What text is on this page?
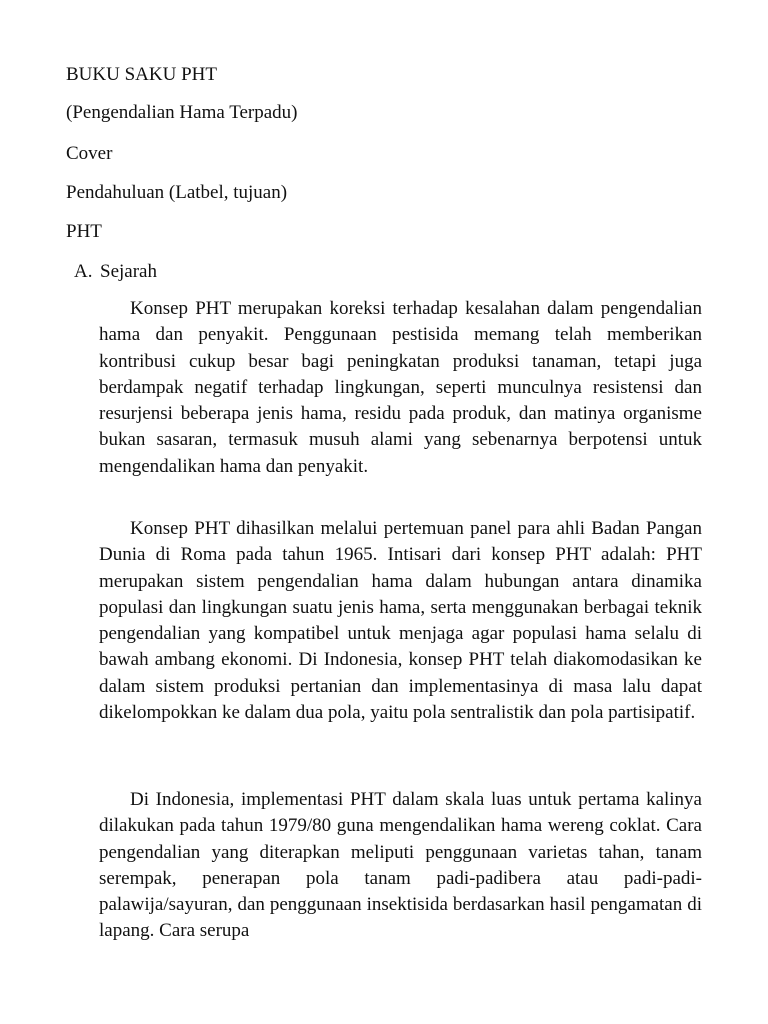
BUKU SAKU PHT
(Pengendalian Hama Terpadu)
Cover
Pendahuluan (Latbel, tujuan)
PHT
A. Sejarah

Konsep PHT merupakan koreksi terhadap kesalahan dalam pengendalian hama dan penyakit. Penggunaan pestisida memang telah memberikan kontribusi cukup besar bagi peningkatan produksi tanaman, tetapi juga berdampak negatif terhadap lingkungan, seperti munculnya resistensi dan resurjensi beberapa jenis hama, residu pada produk, dan matinya organisme bukan sasaran, termasuk musuh alami yang sebenarnya berpotensi untuk mengendalikan hama dan penyakit.

Konsep PHT dihasilkan melalui pertemuan panel para ahli Badan Pangan Dunia di Roma pada tahun 1965. Intisari dari konsep PHT adalah: PHT merupakan sistem pengendalian hama dalam hubungan antara dinamika populasi dan lingkungan suatu jenis hama, serta menggunakan berbagai teknik pengendalian yang kompatibel untuk menjaga agar populasi hama selalu di bawah ambang ekonomi. Di Indonesia, konsep PHT telah diakomodasikan ke dalam sistem produksi pertanian dan implementasinya di masa lalu dapat dikelompokkan ke dalam dua pola, yaitu pola sentralistik dan pola partisipatif.

Di Indonesia, implementasi PHT dalam skala luas untuk pertama kalinya dilakukan pada tahun 1979/80 guna mengendalikan hama wereng coklat. Cara pengendalian yang diterapkan meliputi penggunaan varietas tahan, tanam serempak, penerapan pola tanam padi-padibera atau padi-padi-palawija/sayuran, dan penggunaan insektisida berdasarkan hasil pengamatan di lapang. Cara serupa
